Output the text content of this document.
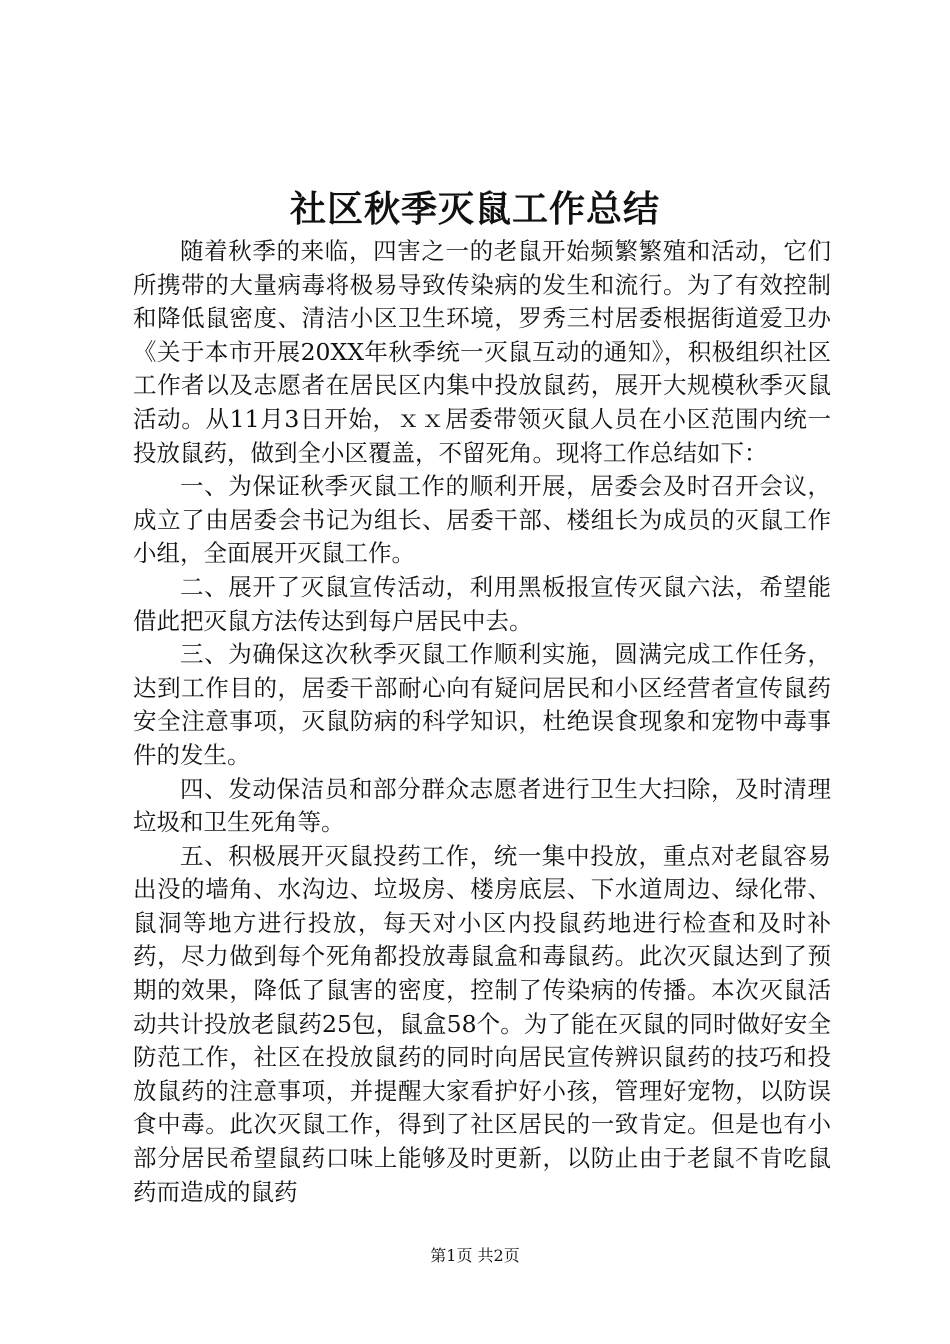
社区秋季灭鼠工作总结

随着秋季的来临，四害之一的老鼠开始频繁繁殖和活动，它们所携带的大量病毒将极易导致传染病的发生和流行。为了有效控制和降低鼠密度、清洁小区卫生环境，罗秀三村居委根据街道爱卫办《关于本市开展20XX年秋季统一灭鼠互动的通知》，积极组织社区工作者以及志愿者在居民区内集中投放鼠药，展开大规模秋季灭鼠活动。从11月3日开始，ｘｘ居委带领灭鼠人员在小区范围内统一投放鼠药，做到全小区覆盖，不留死角。现将工作总结如下：

一、为保证秋季灭鼠工作的顺利开展，居委会及时召开会议，成立了由居委会书记为组长、居委干部、楼组长为成员的灭鼠工作小组，全面展开灭鼠工作。

二、展开了灭鼠宣传活动，利用黑板报宣传灭鼠六法，希望能借此把灭鼠方法传达到每户居民中去。

三、为确保这次秋季灭鼠工作顺利实施，圆满完成工作任务，达到工作目的，居委干部耐心向有疑问居民和小区经营者宣传鼠药安全注意事项，灭鼠防病的科学知识，杜绝误食现象和宠物中毒事件的发生。

四、发动保洁员和部分群众志愿者进行卫生大扫除，及时清理垃圾和卫生死角等。

五、积极展开灭鼠投药工作，统一集中投放，重点对老鼠容易出没的墙角、水沟边、垃圾房、楼房底层、下水道周边、绿化带、鼠洞等地方进行投放，每天对小区内投鼠药地进行检查和及时补药，尽力做到每个死角都投放毒鼠盒和毒鼠药。此次灭鼠达到了预期的效果，降低了鼠害的密度，控制了传染病的传播。本次灭鼠活动共计投放老鼠药25包，鼠盒58个。为了能在灭鼠的同时做好安全防范工作，社区在投放鼠药的同时向居民宣传辨识鼠药的技巧和投放鼠药的注意事项，并提醒大家看护好小孩，管理好宠物，以防误食中毒。此次灭鼠工作，得到了社区居民的一致肯定。但是也有小部分居民希望鼠药口味上能够及时更新，以防止由于老鼠不肯吃鼠药而造成的鼠药

第1页 共2页
